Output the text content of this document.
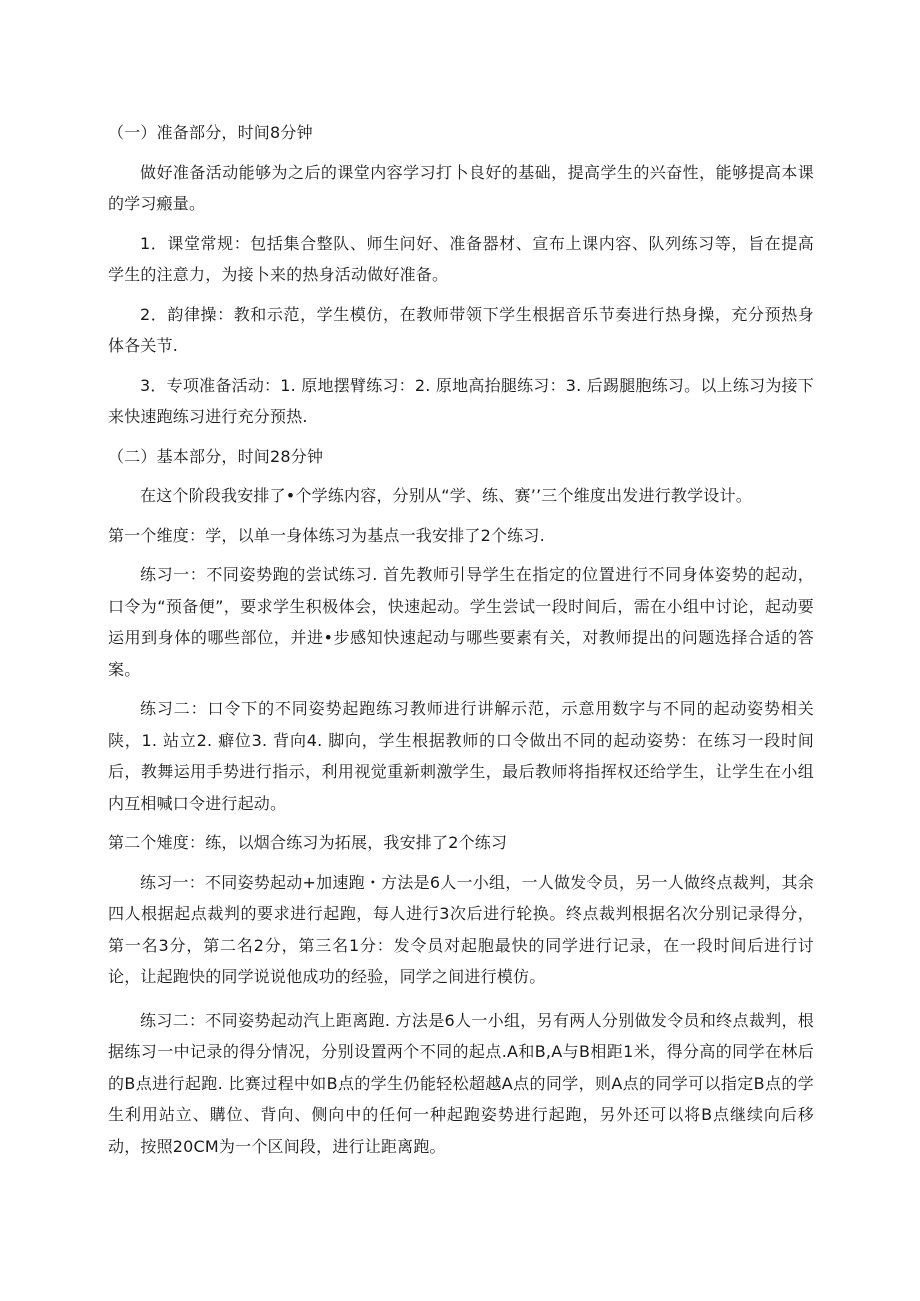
（一）准备部分，时间8分钟

做好准备活动能够为之后的课堂内容学习打卜良好的基础，提高学生的兴奋性，能够提高本课的学习瘢量。

1．课堂常规：包括集合整队、师生问好、准备器材、宣布上课内容、队列练习等，旨在提高学生的注意力，为接卜来的热身活动做好准备。

2．韵律操：教和示范，学生模仿，在教师带领下学生根据音乐节奏进行热身操，充分预热身体各关节.

3．专项准备活动：1. 原地摆臂练习：2. 原地高抬腿练习：3. 后踢腿胞练习。以上练习为接下来快速跑练习进行充分预热.

（二）基本部分，时间28分钟

在这个阶段我安排了•个学练内容，分别从“学、练、赛’’三个维度出发进行教学设计。

第一个维度：学，以单一身体练习为基点一我安排了2个练习.

练习一：不同姿势跑的尝试练习. 首先教师引导学生在指定的位置进行不同身体姿势的起动，口令为“预备便”，要求学生积极体会，快速起动。学生尝试一段时间后，需在小组中讨论，起动要运用到身体的哪些部位，并进•步感知快速起动与哪些要素有关，对教师提出的问题选择合适的答案。

练习二：口令下的不同姿势起跑练习教师进行讲解示范，示意用数字与不同的起动姿势相关陕，1. 站立2. 癖位3. 背向4. 脚向，学生根据教师的口令做出不同的起动姿势：在练习一段时间后，教舞运用手势进行指示，利用视觉重新刺激学生，最后教师将指挥权还给学生，让学生在小组内互相喊口令进行起动。

第二个雉度：练，以烟合练习为拓展，我安排了2个练习

练习一：不同姿势起动+加速跑・方法是6人一小组，一人做发令员，另一人做终点裁判，其余四人根据起点裁判的要求进行起跑，每人进行3次后进行轮换。终点裁判根据名次分别记录得分，第一名3分，第二名2分，第三名1分：发令员对起胞最快的同学进行记录，在一段时间后进行讨论，让起跑快的同学说说他成功的经验，同学之间进行模仿。

练习二：不同姿势起动汽上距离跑. 方法是6人一小组，另有两人分别做发令员和终点裁判，根据练习一中记录的得分情况，分别设置两个不同的起点.A和B,A与B相距1米，得分高的同学在林后的B点进行起跑. 比赛过程中如B点的学生仍能轻松超越A点的同学，则A点的同学可以指定B点的学生利用站立、購位、背向、侧向中的任何一种起跑姿势进行起跑，另外还可以将B点继续向后移动，按照20CM为一个区间段，进行让距离跑。
